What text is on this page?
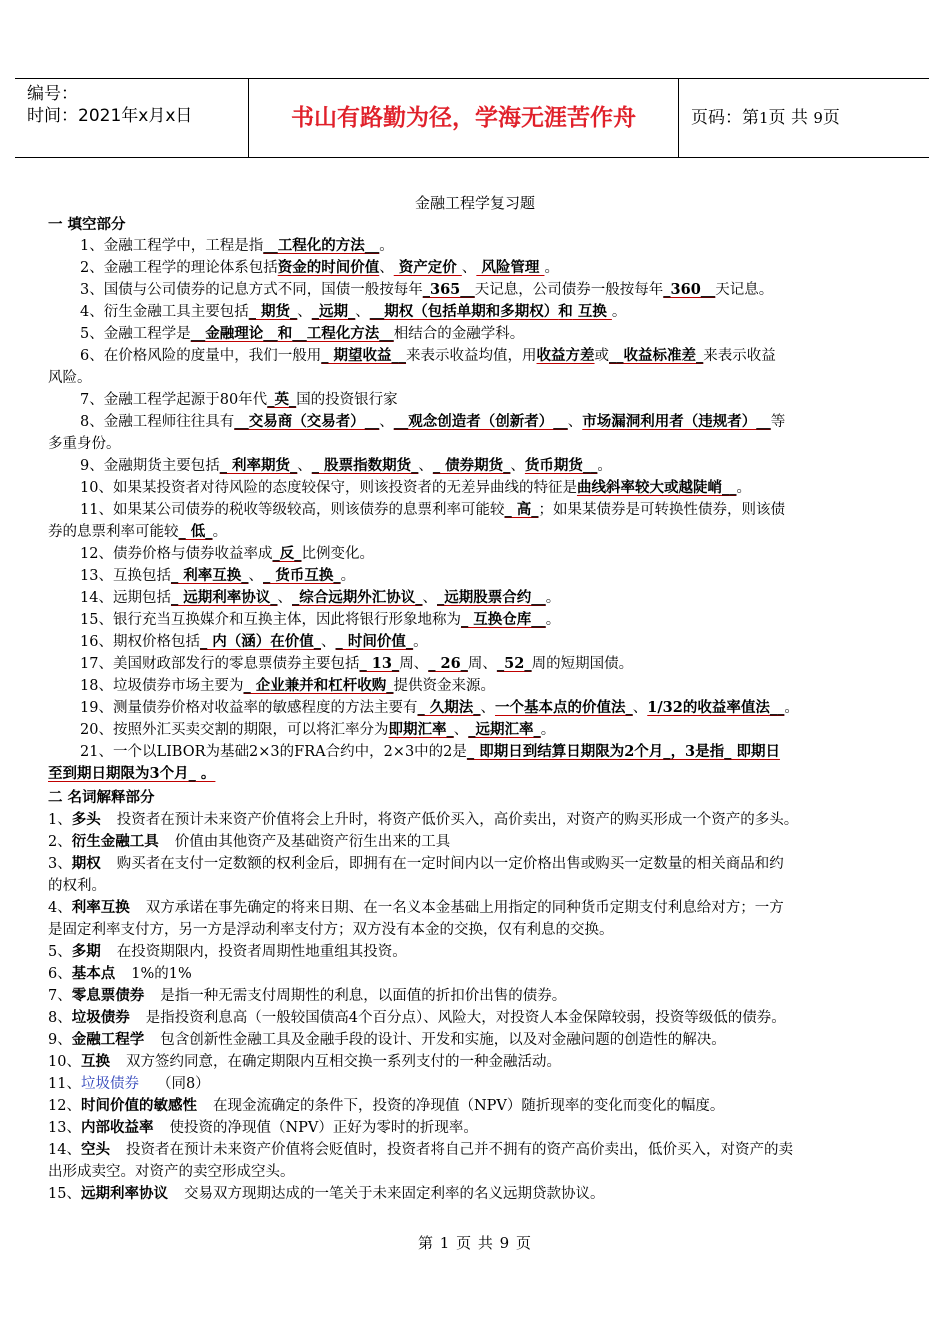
编号：
时间：2021年x月x日	书山有路勤为径，学海无涯苦作舟	页码：第1页 共 9页
金融工程学复习题
一 填空部分
1、金融工程学中，工程是指__工程化的方法__。
2、金融工程学的理论体系包括资金的时间价值、 资产定价 、 风险管理 。
3、国债与公司债券的记息方式不同，国债一般按每年_365__天记息，公司债券一般按每年_360__天记息。
4、衍生金融工具主要包括_ 期货_、_远期_、__期权（包括单期和多期权）和 互换 。
5、金融工程学是__金融理论__和__工程化方法__相结合的金融学科。
6、在价格风险的度量中，我们一般用_ 期望收益__来表示收益均值，用收益方差或__收益标准差_来表示收益
风险。
7、金融工程学起源于80年代_英_国的投资银行家
8、金融工程师往往具有__交易商（交易者）__、__观念创造者（创新者）__、市场漏洞利用者（违规者）__等
多重身份。
9、金融期货主要包括_ 利率期货_、_ 股票指数期货_、_ 债券期货_、货币期货__。
10、如果某投资者对待风险的态度较保守，则该投资者的无差异曲线的特征是曲线斜率较大或越陡峭__。
11、如果某公司债券的税收等级较高，则该债券的息票利率可能较_ 高_；如果某债券是可转换性债券，则该债
券的息票利率可能较_ 低_。
12、债券价格与债券收益率成_反_比例变化。
13、互换包括_ 利率互换_、_ 货币互换_。
14、远期包括_ 远期利率协议_、_综合远期外汇协议_、_远期股票合约__。
15、银行充当互换媒介和互换主体，因此将银行形象地称为_ 互换仓库__。
16、期权价格包括_ 内（涵）在价值_、_ 时间价值_。
17、美国财政部发行的零息票债券主要包括_ 13_周、_ 26_周、_52_周的短期国债。
18、垃圾债券市场主要为_ 企业兼并和杠杆收购_提供资金来源。
19、测量债券价格对收益率的敏感程度的方法主要有_ 久期法_、一个基本点的价值法_、1/32的收益率值法__。
20、按照外汇买卖交割的期限，可以将汇率分为即期汇率_、_远期汇率_。
21、一个以LIBOR为基础2×3的FRA合约中，2×3中的2是_ 即期日到结算日期限为2个月_，3是指_ 即期日
至到期日期限为3个月_ 。
二 名词解释部分
1、多头 投资者在预计未来资产价值将会上升时，将资产低价买入，高价卖出，对资产的购买形成一个资产的多头。
2、衍生金融工具 价值由其他资产及基础资产衍生出来的工具
3、期权 购买者在支付一定数额的权利金后，即拥有在一定时间内以一定价格出售或购买一定数量的相关商品和约
的权利。
4、利率互换 双方承诺在事先确定的将来日期、在一名义本金基础上用指定的同种货币定期支付利息给对方；一方
是固定利率支付方，另一方是浮动利率支付方；双方没有本金的交换，仅有利息的交换。
5、多期 在投资期限内，投资者周期性地重组其投资。
6、基本点 1%的1%
7、零息票债券 是指一种无需支付周期性的利息，以面值的折扣价出售的债券。
8、垃圾债券 是指投资利息高（一般较国债高4个百分点）、风险大，对投资人本金保障较弱，投资等级低的债券。
9、金融工程学 包含创新性金融工具及金融手段的设计、开发和实施，以及对金融问题的创造性的解决。
10、互换 双方签约同意，在确定期限内互相交换一系列支付的一种金融活动。
11、垃圾债券 （同8）
12、时间价值的敏感性 在现金流确定的条件下，投资的净现值（NPV）随折现率的变化而变化的幅度。
13、内部收益率 使投资的净现值（NPV）正好为零时的折现率。
14、空头 投资者在预计未来资产价值将会贬值时，投资者将自己并不拥有的资产高价卖出，低价买入，对资产的卖
出形成卖空。对资产的卖空形成空头。
15、远期利率协议 交易双方现期达成的一笔关于未来固定利率的名义远期贷款协议。
第 1 页 共 9 页
